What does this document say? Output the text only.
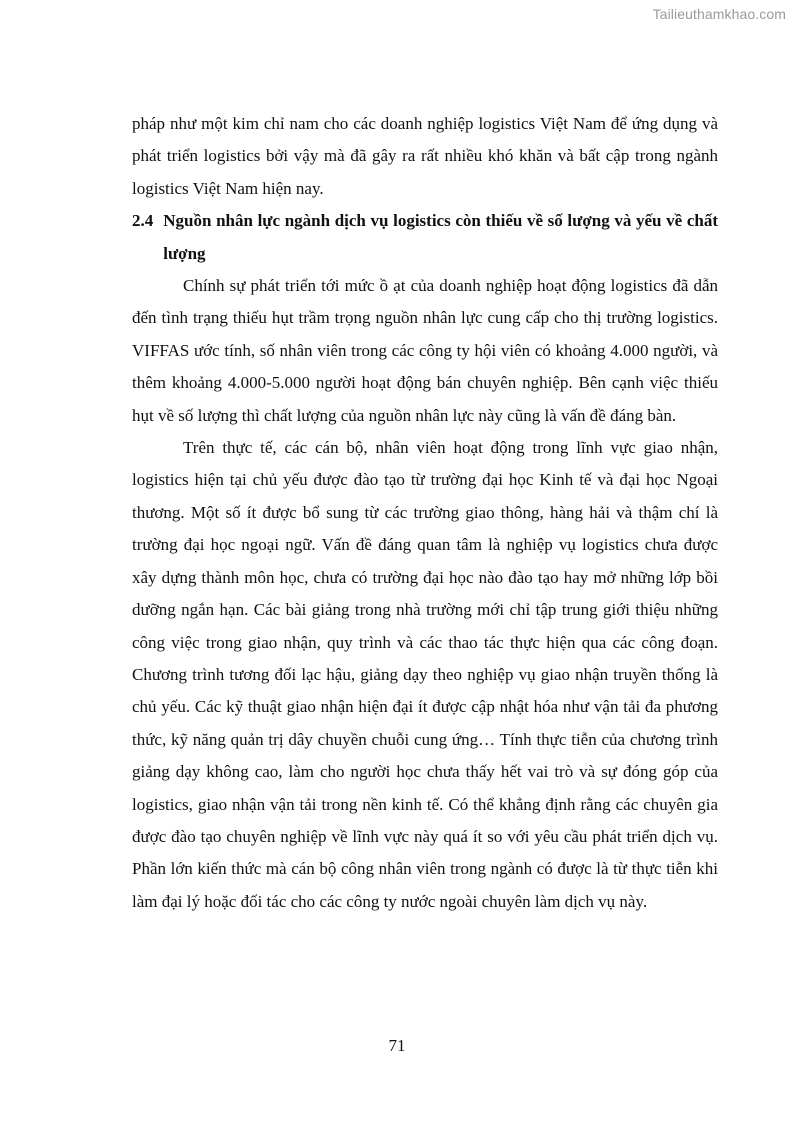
Tailieuthamkhao.com

pháp như một kim chỉ nam cho các doanh nghiệp logistics Việt Nam để ứng dụng và phát triển logistics bởi vậy mà đã gây ra rất nhiều khó khăn và bất cập trong ngành logistics Việt Nam hiện nay.

2.4 Nguồn nhân lực ngành dịch vụ logistics còn thiếu về số lượng và yếu về chất lượng

Chính sự phát triển tới mức ồ ạt của doanh nghiệp hoạt động logistics đã dẫn đến tình trạng thiếu hụt trầm trọng nguồn nhân lực cung cấp cho thị trường logistics. VIFFAS ước tính, số nhân viên trong các công ty hội viên có khoảng 4.000 người, và thêm khoảng 4.000-5.000 người hoạt động bán chuyên nghiệp. Bên cạnh việc thiếu hụt về số lượng thì chất lượng của nguồn nhân lực này cũng là vấn đề đáng bàn.

Trên thực tế, các cán bộ, nhân viên hoạt động trong lĩnh vực giao nhận, logistics hiện tại chủ yếu được đào tạo từ trường đại học Kinh tế và đại học Ngoại thương. Một số ít được bổ sung từ các trường giao thông, hàng hải và thậm chí là trường đại học ngoại ngữ. Vấn đề đáng quan tâm là nghiệp vụ logistics chưa được xây dựng thành môn học, chưa có trường đại học nào đào tạo hay mở những lớp bồi dưỡng ngắn hạn. Các bài giảng trong nhà trường mới chỉ tập trung giới thiệu những công việc trong giao nhận, quy trình và các thao tác thực hiện qua các công đoạn. Chương trình tương đối lạc hậu, giảng dạy theo nghiệp vụ giao nhận truyền thống là chủ yếu. Các kỹ thuật giao nhận hiện đại ít được cập nhật hóa như vận tải đa phương thức, kỹ năng quản trị dây chuyền chuỗi cung ứng… Tính thực tiễn của chương trình giảng dạy không cao, làm cho người học chưa thấy hết vai trò và sự đóng góp của logistics, giao nhận vận tải trong nền kinh tế. Có thể khẳng định rằng các chuyên gia được đào tạo chuyên nghiệp về lĩnh vực này quá ít so với yêu cầu phát triển dịch vụ. Phần lớn kiến thức mà cán bộ công nhân viên trong ngành có được là từ thực tiễn khi làm đại lý hoặc đối tác cho các công ty nước ngoài chuyên làm dịch vụ này.

71
